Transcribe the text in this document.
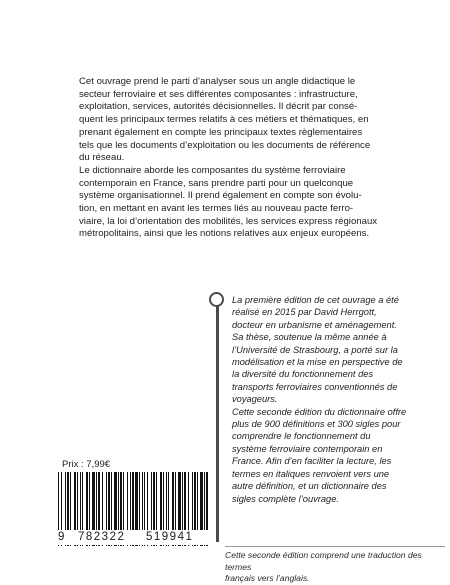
Cet ouvrage prend le parti d’analyser sous un angle didactique le
secteur ferroviaire et ses différentes composantes : infrastructure,
exploitation, services, autorités décisionnelles. Il décrit par consé-
quent les principaux termes relatifs à ces métiers et thématiques, en
prenant également en compte les principaux textes règlementaires
tels que les documents d’exploitation ou les documents de référence
du réseau.

Le dictionnaire aborde les composantes du système ferroviaire
contemporain en France, sans prendre parti pour un quelconque
système organisationnel. Il prend également en compte son évolu-
tion, en mettant en avant les termes liés au nouveau pacte ferro-
viaire, la loi d’orientation des mobilités, les services express régionaux
métropolitains, ainsi que les notions relatives aux enjeux européens.

La première édition de cet ouvrage a été
réalisé en 2015 par David Herrgott,
docteur en urbanisme et aménagement.
Sa thèse, soutenue la même année à
l’Université de Strasbourg, a porté sur la
modélisation et la mise en perspective de
la diversité du fonctionnement des
transports ferroviaires conventionnés de
voyageurs.

Cette seconde édition du dictionnaire offre
plus de 900 définitions et 300 sigles pour
comprendre le fonctionnement du
système ferroviaire contemporain en
France. Afin d’en faciliter la lecture, les
termes en italiques renvoient vers une
autre définition, et un dictionnaire des
sigles complète l’ouvrage.

Prix : 7,99€
9 782322 519941

Cette seconde édition comprend une traduction des termes
français vers l’anglais.
